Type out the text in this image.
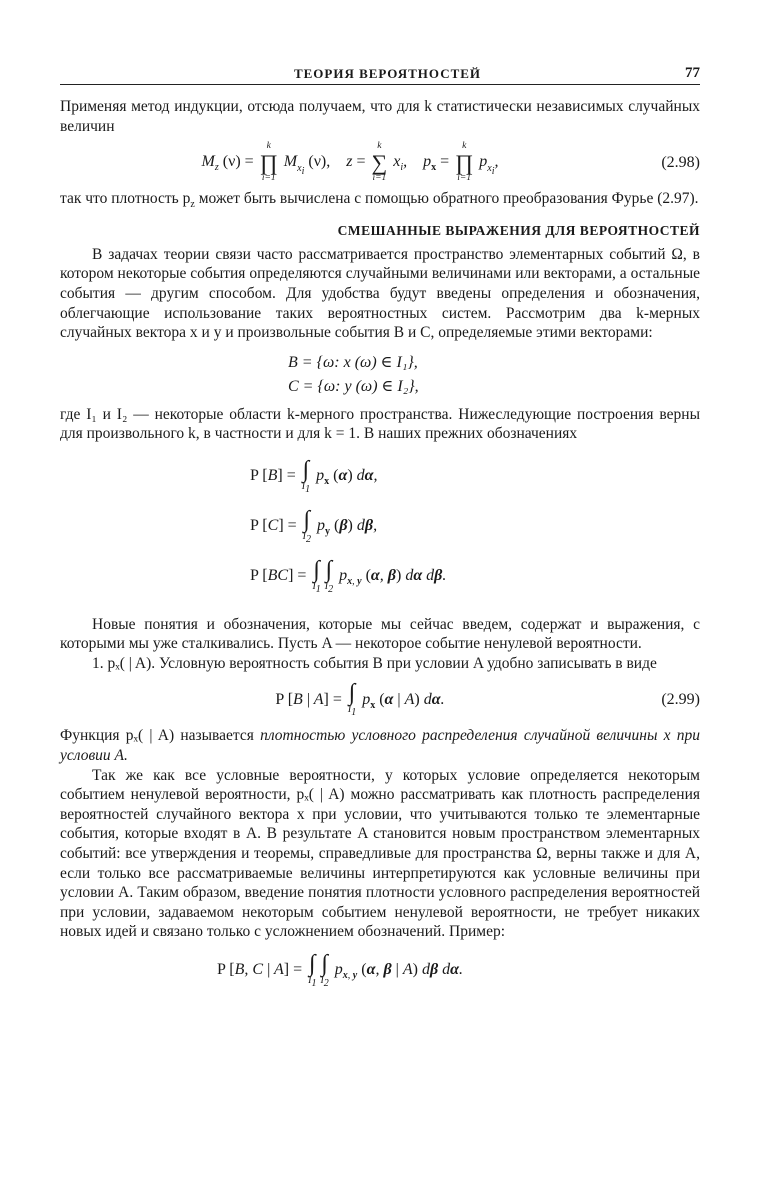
ТЕОРИЯ ВЕРОЯТНОСТЕЙ	77

Применяя метод индукции, отсюда получаем, что для k статистически независимых случайных величин

$M_z$ (ν) =
k
∏
i=1
$M_{x_i}$ (ν),    z =
k
∑
i=1
$x_i$,    $p_x$ =
k
∏
i=1
$p_{x_i}$,	(2.98)

так что плотность $p_z$ может быть вычислена с помощью обратного преобразования Фурье (2.97).

СМЕШАННЫЕ ВЫРАЖЕНИЯ ДЛЯ ВЕРОЯТНОСТЕЙ

В задачах теории связи часто рассматривается пространство элементарных событий Ω, в котором некоторые события определяются случайными величинами или векторами, а остальные события — другим способом. Для удобства будут введены определения и обозначения, облегчающие использование таких вероятностных систем. Рассмотрим два k-мерных случайных вектора x и y и произвольные события B и C, определяемые этими векторами:

B = {ω: x (ω) ∈ I₁},
C = {ω: y (ω) ∈ I₂},

где I₁ и I₂ — некоторые области k-мерного пространства. Нижеследующие построения верны для произвольного k, в частности и для k = 1. В наших прежних обозначениях

P [B] = ∫
$I_1$
$p_x$ (α) dα,
P [C] = ∫
$I_2$
$p_y$ (β) dβ,
P [BC] = ∫
$I_1$
∫
$I_2$
$p_{x, y}$ (α, β) dα dβ.

Новые понятия и обозначения, которые мы сейчас введем, содержат и выражения, с которыми мы уже сталкивались. Пусть A — некоторое событие ненулевой вероятности.

1. pₓ( | A). Условную вероятность события B при условии A удобно записывать в виде

P [B | A] = ∫
$I_1$
$p_x$ (α | A) dα.	(2.99)

Функция pₓ( | A) называется плотностью условного распределения случайной величины x при условии A.

Так же как все условные вероятности, у которых условие определяется некоторым событием ненулевой вероятности, pₓ( | A) можно рассматривать как плотность распределения вероятностей случайного вектора x при условии, что учитываются только те элементарные события, которые входят в A. В результате A становится новым пространством элементарных событий: все утверждения и теоремы, справедливые для пространства Ω, верны также и для A, если только все рассматриваемые величины интерпретируются как условные величины при условии A. Таким образом, введение понятия плотности условного распределения вероятностей при условии, задаваемом некоторым событием ненулевой вероятности, не требует никаких новых идей и связано только с усложнением обозначений. Пример:

P [B, C | A] = ∫
$I_1$
∫
$I_2$
$p_{x, y}$ (α, β | A) dβ dα.
